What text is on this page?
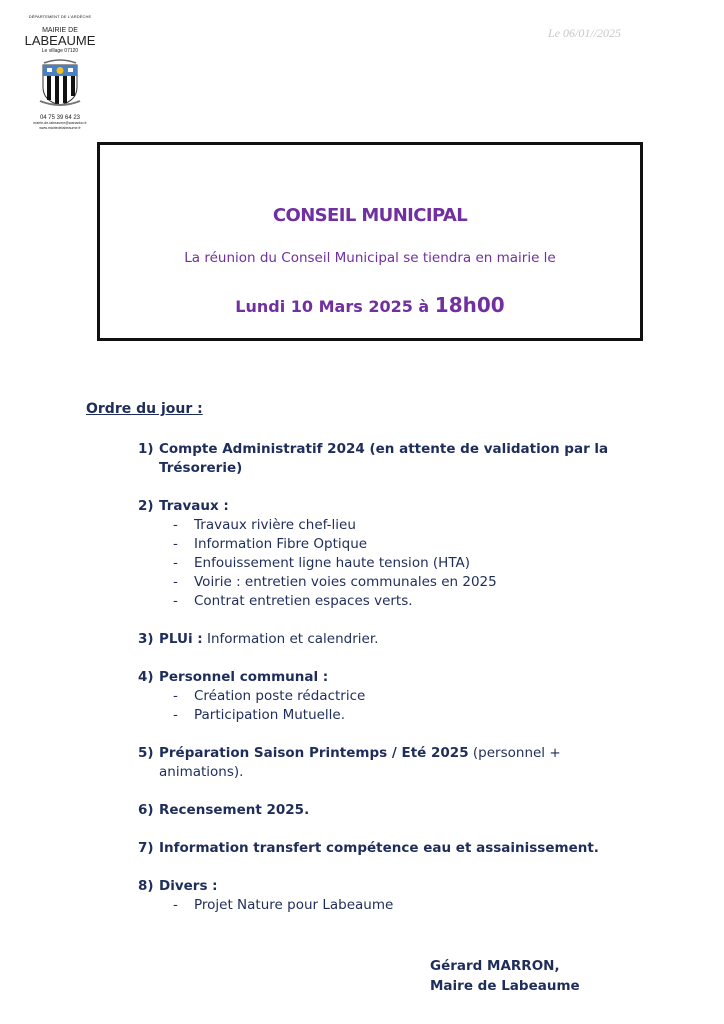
DÉPARTEMENT DE L'ARDÈCHE
MAIRIE DE
LABEAUME
Le village 07120
04 75 39 64 23
mairie-de-labeaume@wanadoo.fr
www.mairiedelabeaume.fr
Le 06/01//2025
CONSEIL MUNICIPAL
La réunion du Conseil Municipal se tiendra en mairie le
Lundi 10 Mars 2025 à 18h00
Ordre du jour :
1) Compte Administratif 2024 (en attente de validation par la Trésorerie)
2) Travaux :
- Travaux rivière chef-lieu
- Information Fibre Optique
- Enfouissement ligne haute tension (HTA)
- Voirie : entretien voies communales en 2025
- Contrat entretien espaces verts.
3) PLUi : Information et calendrier.
4) Personnel communal :
- Création poste rédactrice
- Participation Mutuelle.
5) Préparation Saison Printemps / Eté 2025 (personnel + animations).
6) Recensement 2025.
7) Information transfert compétence eau et assainissement.
8) Divers :
- Projet Nature pour Labeaume
Gérard MARRON,
Maire de Labeaume
